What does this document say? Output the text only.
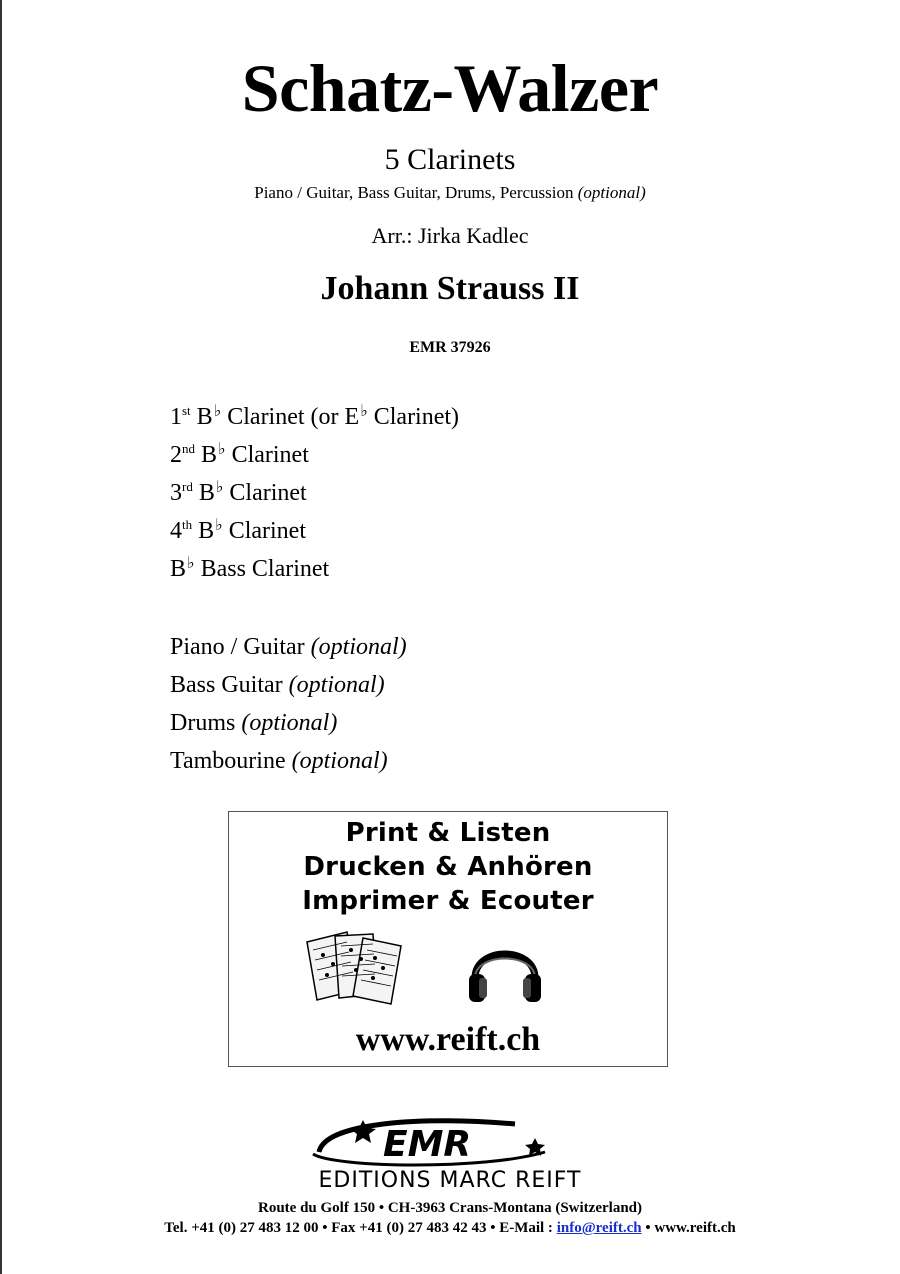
Schatz-Walzer
5 Clarinets
Piano / Guitar, Bass Guitar, Drums, Percussion (optional)
Arr.: Jirka Kadlec
Johann Strauss II
EMR 37926
1st B♭ Clarinet (or E♭ Clarinet)
2nd B♭ Clarinet
3rd B♭ Clarinet
4th B♭ Clarinet
B♭ Bass Clarinet
Piano / Guitar (optional)
Bass Guitar (optional)
Drums (optional)
Tambourine (optional)
Print & Listen
Drucken & Anhören
Imprimer & Ecouter
www.reift.ch
EMR
EDITIONS MARC REIFT
Route du Golf 150 • CH-3963 Crans-Montana (Switzerland)
Tel. +41 (0) 27 483 12 00 • Fax +41 (0) 27 483 42 43 • E-Mail : info@reift.ch • www.reift.ch
